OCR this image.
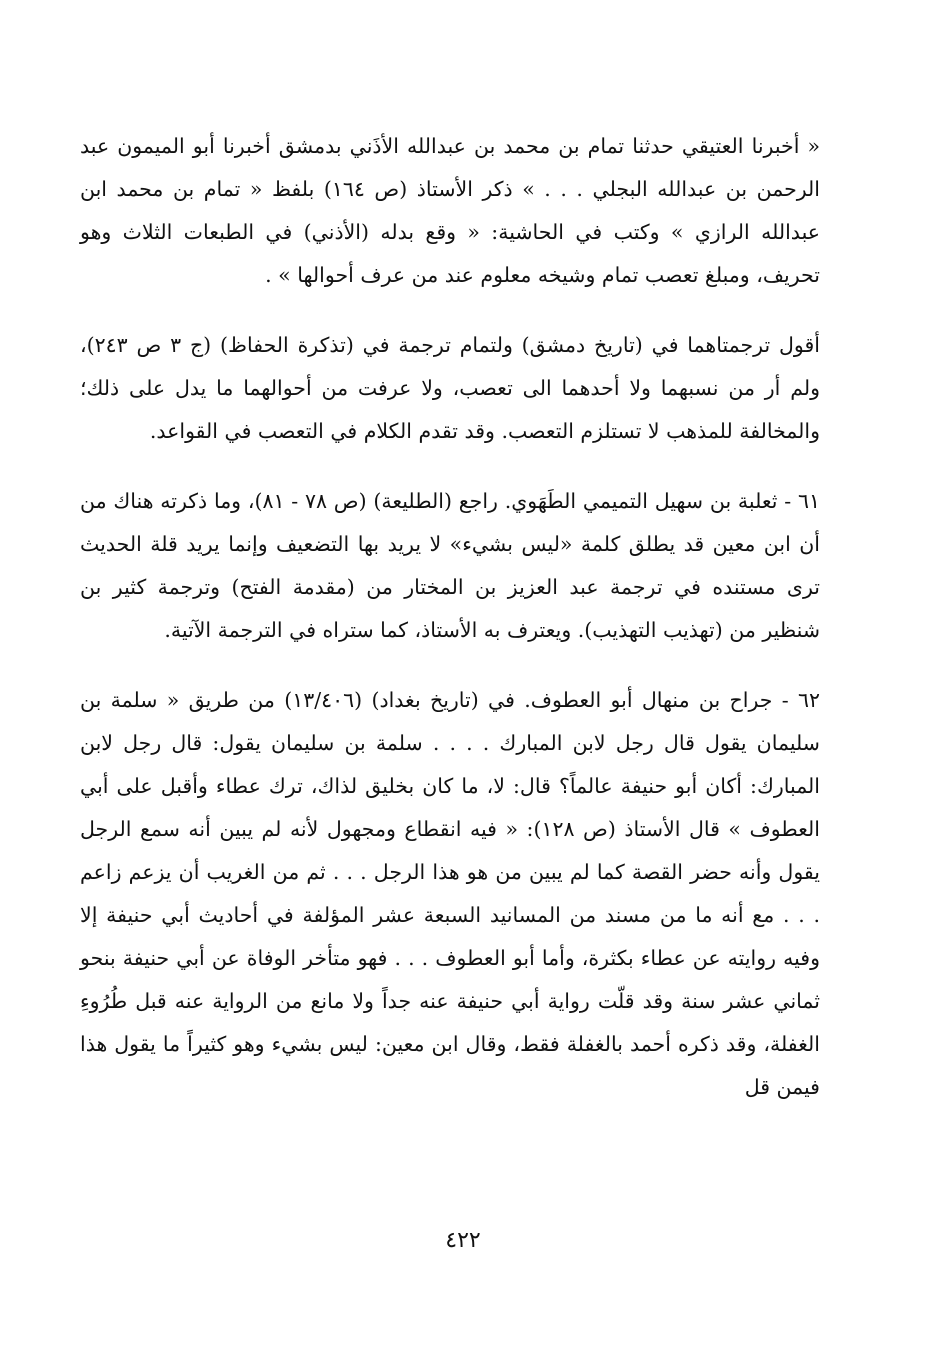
« أخبرنا العتيقي حدثنا تمام بن محمد بن عبدالله الأذَني بدمشق أخبرنا أبو الميمون عبد الرحمن بن عبدالله البجلي . . . » ذكر الأستاذ (ص ١٦٤) بلفظ « تمام بن محمد ابن عبدالله الرازي » وكتب في الحاشية: « وقع بدله (الأذني) في الطبعات الثلاث وهو تحريف، ومبلغ تعصب تمام وشيخه معلوم عند من عرف أحوالها » .

أقول ترجمتاهما في (تاريخ دمشق) ولتمام ترجمة في (تذكرة الحفاظ) (ج ٣ ص ٢٤٣)، ولم أر من نسبهما ولا أحدهما الى تعصب، ولا عرفت من أحوالهما ما يدل على ذلك؛ والمخالفة للمذهب لا تستلزم التعصب. وقد تقدم الكلام في التعصب في القواعد.

٦١ - ثعلبة بن سهيل التميمي الطَهَوي. راجع (الطليعة) (ص ٧٨ - ٨١)، وما ذكرته هناك من أن ابن معين قد يطلق كلمة «ليس بشيء» لا يريد بها التضعيف وإنما يريد قلة الحديث ترى مستنده في ترجمة عبد العزيز بن المختار من (مقدمة الفتح) وترجمة كثير بن شنظير من (تهذيب التهذيب). ويعترف به الأستاذ، كما ستراه في الترجمة الآتية.

٦٢ - جراح بن منهال أبو العطوف. في (تاريخ بغداد) (١٣/٤٠٦) من طريق « سلمة بن سليمان يقول قال رجل لابن المبارك . . . . سلمة بن سليمان يقول: قال رجل لابن المبارك: أكان أبو حنيفة عالماً؟ قال: لا، ما كان بخليق لذاك، ترك عطاء وأقبل على أبي العطوف » قال الأستاذ (ص ١٢٨): « فيه انقطاع ومجهول لأنه لم يبين أنه سمع الرجل يقول وأنه حضر القصة كما لم يبين من هو هذا الرجل . . . ثم من الغريب أن يزعم زاعم . . . مع أنه ما من مسند من المسانيد السبعة عشر المؤلفة في أحاديث أبي حنيفة إلا وفيه روايته عن عطاء بكثرة، وأما أبو العطوف . . . فهو متأخر الوفاة عن أبي حنيفة بنحو ثماني عشر سنة وقد قلّت رواية أبي حنيفة عنه جداً ولا مانع من الرواية عنه قبل طُرُوءِ الغفلة، وقد ذكره أحمد بالغفلة فقط، وقال ابن معين: ليس بشيء وهو كثيراً ما يقول هذا فيمن قل

٤٢٢
